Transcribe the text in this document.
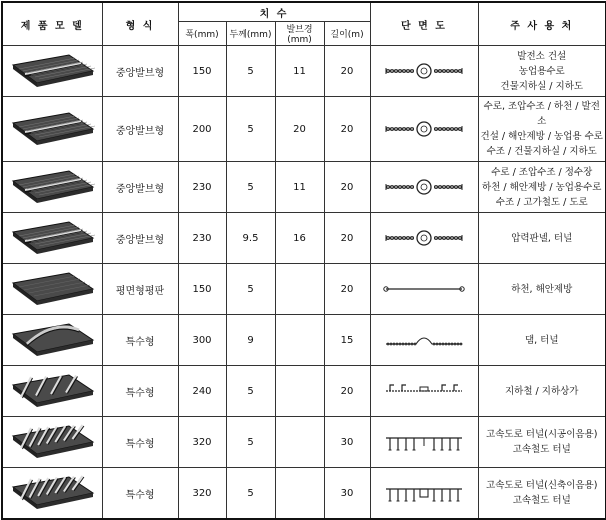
제 품 모 델	형 식	치 수				단 면 도	주 사 용 처
		폭(mm)	두께(mm)	발브경(mm)	길이(m)		

	중앙발브형	150	5	11	20		발전소 건설
농업용수로
건물지하실 / 지하도

	중앙발브형	200	5	20	20		수로, 조압수조 / 하천 / 발전소
건설 / 해안제방 / 농업용 수로
수조 / 건물지하실 / 지하도

	중앙발브형	230	5	11	20		수로 / 조압수조 / 정수장
하천 / 해안제방 / 농업용수로
수조 / 고가철도 / 도로

	중앙발브형	230	9.5	16	20		압력판넬, 터널

	평면형평판	150	5		20		하천, 해안제방

	특수형	300	9		15		댐, 터널

	특수형	240	5		20		지하철 / 지하상가

	특수형	320	5		30		고속도로 터널(시공이음용)
고속철도 터널

	특수형	320	5		30		고속도로 터널(신축이음용)
고속철도 터널
